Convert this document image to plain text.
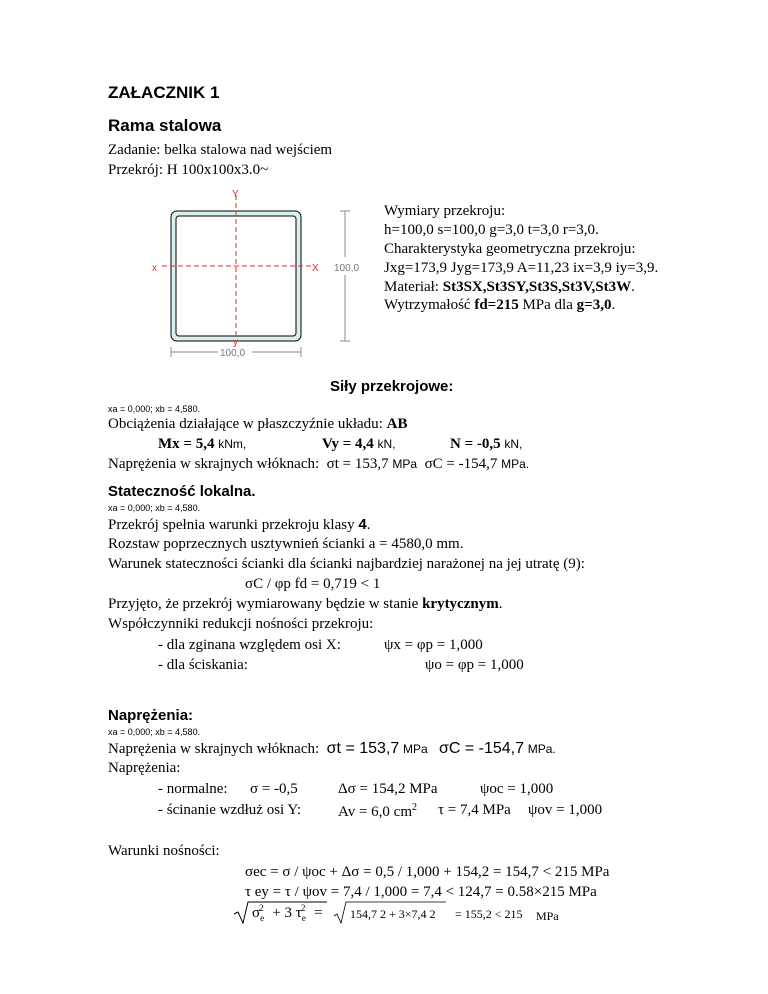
ZAŁACZNIK 1
Rama stalowa
Zadanie: belka stalowa nad wejściem
Przekrój: H 100x100x3.0~
Y
y
x	X 100,0
100,0
Wymiary przekroju:
h=100,0 s=100,0 g=3,0 t=3,0 r=3,0.
Charakterystyka geometryczna przekroju:
Jxg=173,9 Jyg=173,9 A=11,23 ix=3,9 iy=3,9.
Materiał: St3SX,St3SY,St3S,St3V,St3W.
Wytrzymałość fd=215 MPa dla g=3,0.
Siły przekrojowe:
xa = 0,000; xb = 4,580.
Obciążenia działające w płaszczyźnie układu: AB
Mx = 5,4 kNm,	Vy = 4,4 kN,	N = -0,5 kN,
Naprężenia w skrajnych włóknach: σt = 153,7 MPa σC = -154,7 MPa.
Stateczność lokalna.
xa = 0,000; xb = 4,580.
Przekrój spełnia warunki przekroju klasy 4.
Rozstaw poprzecznych usztywnień ścianki a = 4580,0 mm.
Warunek stateczności ścianki dla ścianki najbardziej narażonej na jej utratę (9):
σC / φp fd = 0,719 < 1
Przyjęto, że przekrój wymiarowany będzie w stanie krytycznym.
Współczynniki redukcji nośności przekroju:
- dla zginana względem osi X:	ψx = φp = 1,000
- dla ściskania:	ψo = φp = 1,000
Naprężenia:
xa = 0,000; xb = 4,580.
Naprężenia w skrajnych włóknach: σt = 153,7 MPa σC = -154,7 MPa.
Naprężenia:
- normalne: σ = -0,5	Δσ = 154,2 MPa	ψoc = 1,000
- ścinanie wzdłuż osi Y: Av = 6,0 $cm^2$ τ = 7,4 MPa ψov = 1,000
Warunki nośności:
σec = σ / ψoc + Δσ = 0,5 / 1,000 + 154,2 = 154,7 < 215 MPa
τ ey = τ / ψov = 7,4 / 1,000 = 7,4 < 124,7 = 0.58×215 MPa
$\sigma_e^2 + 3$ $\tau_e^2 = 154,7$ 2 + 3×7,4 2 = 155,2 < 215 MPa
